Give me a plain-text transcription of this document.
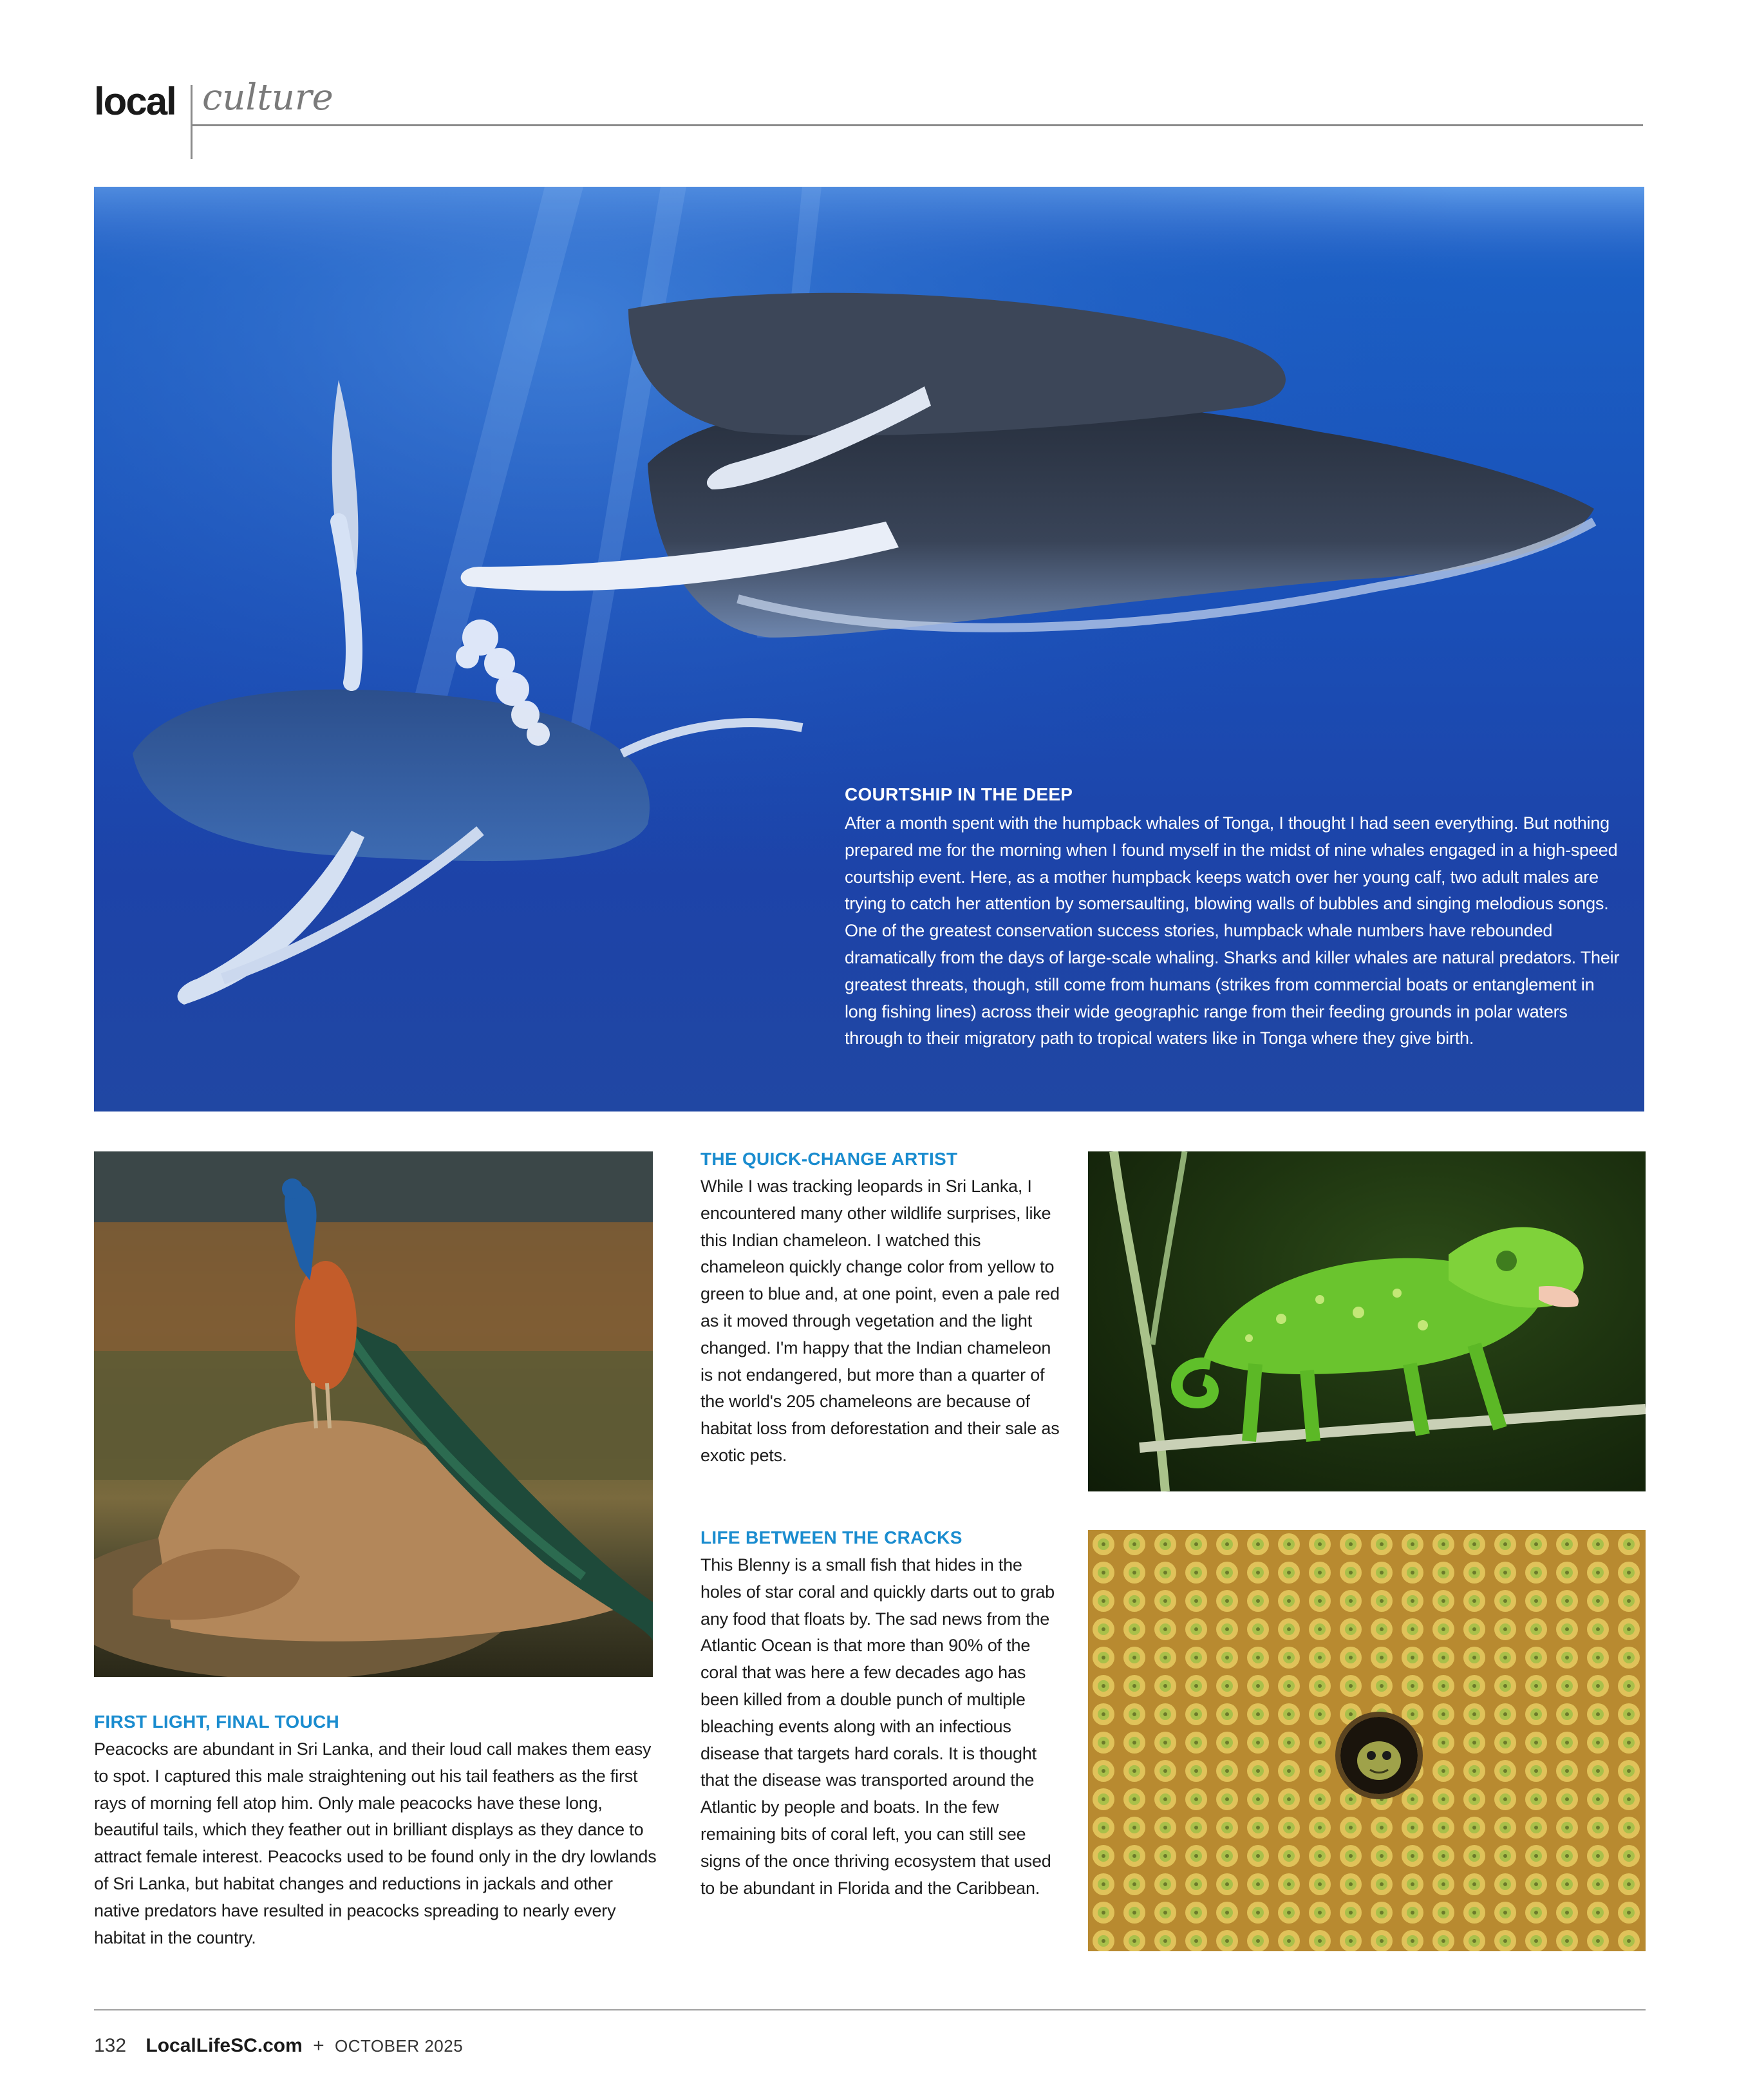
local culture
COURTSHIP IN THE DEEP
After a month spent with the humpback whales of Tonga, I thought I had seen everything. But nothing prepared me for the morning when I found myself in the midst of nine whales engaged in a high-speed courtship event. Here, as a mother humpback keeps watch over her young calf, two adult males are trying to catch her attention by somersaulting, blowing walls of bubbles and singing melodious songs. One of the greatest conservation success stories, humpback whale numbers have rebounded dramatically from the days of large-scale whaling. Sharks and killer whales are natural predators. Their greatest threats, though, still come from humans (strikes from commercial boats or entanglement in long fishing lines) across their wide geographic range from their feeding grounds in polar waters through to their migratory path to tropical waters like in Tonga where they give birth.
FIRST LIGHT, FINAL TOUCH
Peacocks are abundant in Sri Lanka, and their loud call makes them easy to spot. I captured this male straightening out his tail feathers as the first rays of morning fell atop him. Only male peacocks have these long, beautiful tails, which they feather out in brilliant displays as they dance to attract female interest. Peacocks used to be found only in the dry lowlands of Sri Lanka, but habitat changes and reductions in jackals and other native predators have resulted in peacocks spreading to nearly every habitat in the country.
THE QUICK-CHANGE ARTIST
While I was tracking leopards in Sri Lanka, I encountered many other wildlife surprises, like this Indian chameleon. I watched this chameleon quickly change color from yellow to green to blue and, at one point, even a pale red as it moved through vegetation and the light changed. I'm happy that the Indian chameleon is not endangered, but more than a quarter of the world's 205 chameleons are because of habitat loss from deforestation and their sale as exotic pets.
LIFE BETWEEN THE CRACKS
This Blenny is a small fish that hides in the holes of star coral and quickly darts out to grab any food that floats by. The sad news from the Atlantic Ocean is that more than 90% of the coral that was here a few decades ago has been killed from a double punch of multiple bleaching events along with an infectious disease that targets hard corals. It is thought that the disease was transported around the Atlantic by people and boats. In the few remaining bits of coral left, you can still see signs of the once thriving ecosystem that used to be abundant in Florida and the Caribbean.
132 LocalLifeSC.com + OCTOBER 2025
